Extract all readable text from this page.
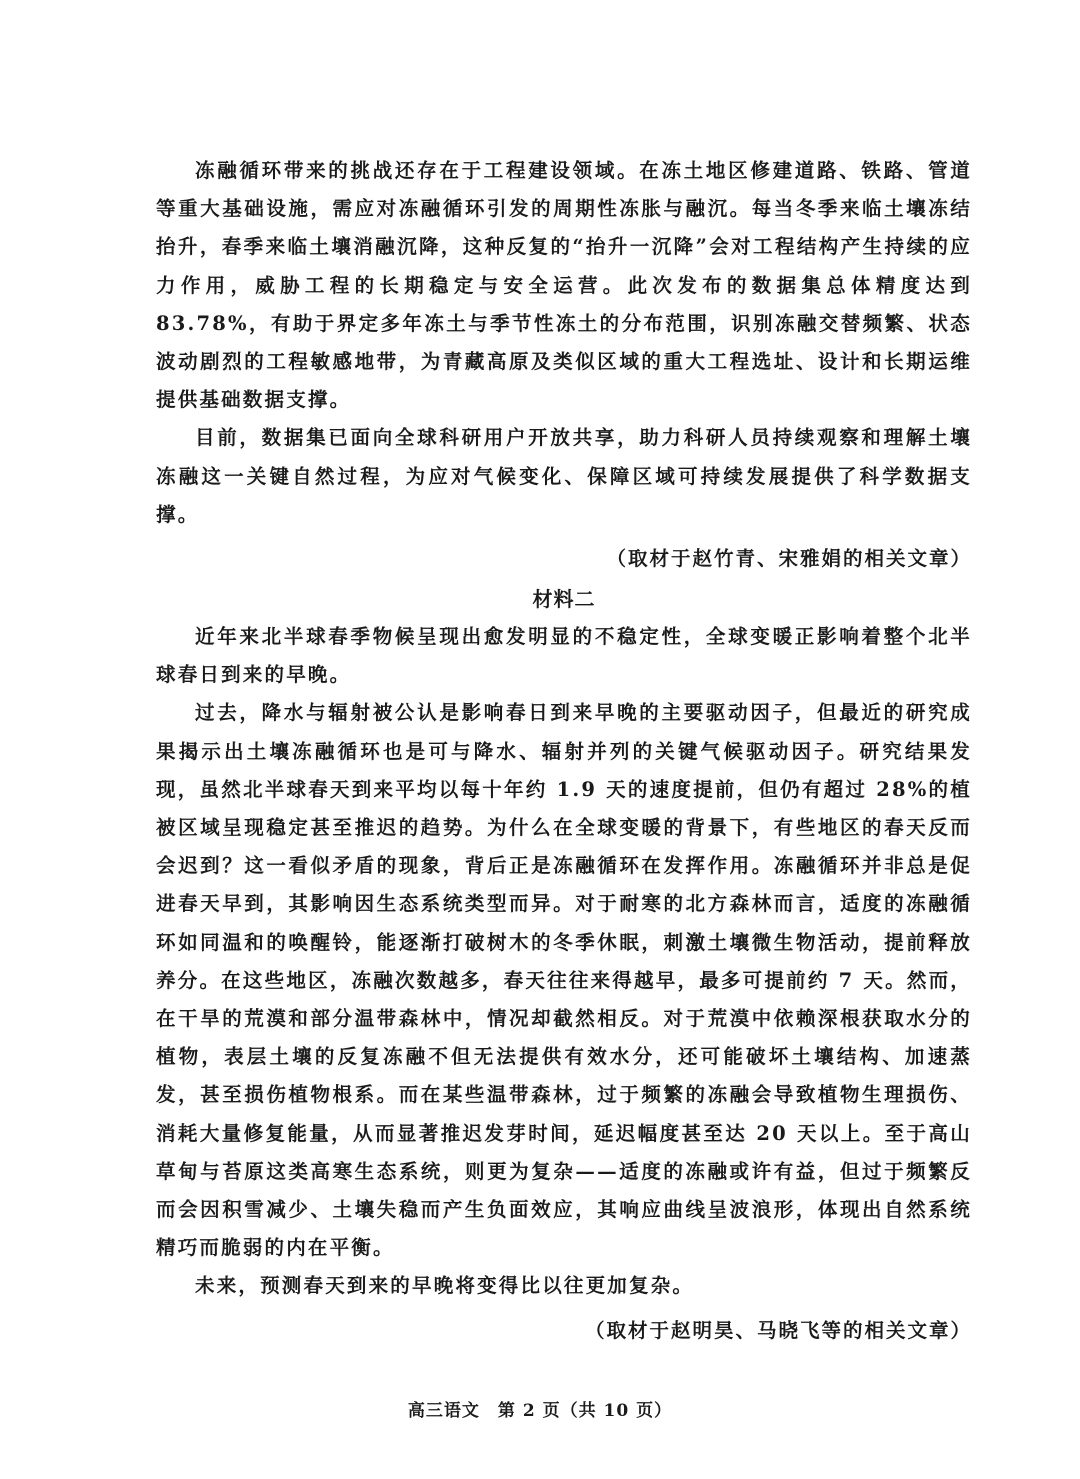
冻融循环带来的挑战还存在于工程建设领域。在冻土地区修建道路、铁路、管道等重大基础设施，需应对冻融循环引发的周期性冻胀与融沉。每当冬季来临土壤冻结抬升，春季来临土壤消融沉降，这种反复的“抬升一沉降”会对工程结构产生持续的应力作用，威胁工程的长期稳定与安全运营。此次发布的数据集总体精度达到 83.78%，有助于界定多年冻土与季节性冻土的分布范围，识别冻融交替频繁、状态波动剧烈的工程敏感地带，为青藏高原及类似区域的重大工程选址、设计和长期运维提供基础数据支撑。

目前，数据集已面向全球科研用户开放共享，助力科研人员持续观察和理解土壤冻融这一关键自然过程，为应对气候变化、保障区域可持续发展提供了科学数据支撑。

（取材于赵竹青、宋雅娟的相关文章）

材料二

近年来北半球春季物候呈现出愈发明显的不稳定性，全球变暖正影响着整个北半球春日到来的早晚。

过去，降水与辐射被公认是影响春日到来早晚的主要驱动因子，但最近的研究成果揭示出土壤冻融循环也是可与降水、辐射并列的关键气候驱动因子。研究结果发现，虽然北半球春天到来平均以每十年约 1.9 天的速度提前，但仍有超过 28%的植被区域呈现稳定甚至推迟的趋势。为什么在全球变暖的背景下，有些地区的春天反而会迟到？这一看似矛盾的现象，背后正是冻融循环在发挥作用。冻融循环并非总是促进春天早到，其影响因生态系统类型而异。对于耐寒的北方森林而言，适度的冻融循环如同温和的唤醒铃，能逐渐打破树木的冬季休眠，刺激土壤微生物活动，提前释放养分。在这些地区，冻融次数越多，春天往往来得越早，最多可提前约 7 天。然而，在干旱的荒漠和部分温带森林中，情况却截然相反。对于荒漠中依赖深根获取水分的植物，表层土壤的反复冻融不但无法提供有效水分，还可能破坏土壤结构、加速蒸发，甚至损伤植物根系。而在某些温带森林，过于频繁的冻融会导致植物生理损伤、消耗大量修复能量，从而显著推迟发芽时间，延迟幅度甚至达 20 天以上。至于高山草甸与苔原这类高寒生态系统，则更为复杂——适度的冻融或许有益，但过于频繁反而会因积雪减少、土壤失稳而产生负面效应，其响应曲线呈波浪形，体现出自然系统精巧而脆弱的内在平衡。

未来，预测春天到来的早晚将变得比以往更加复杂。

（取材于赵明昊、马晓飞等的相关文章）

高三语文　第 2 页（共 10 页）
